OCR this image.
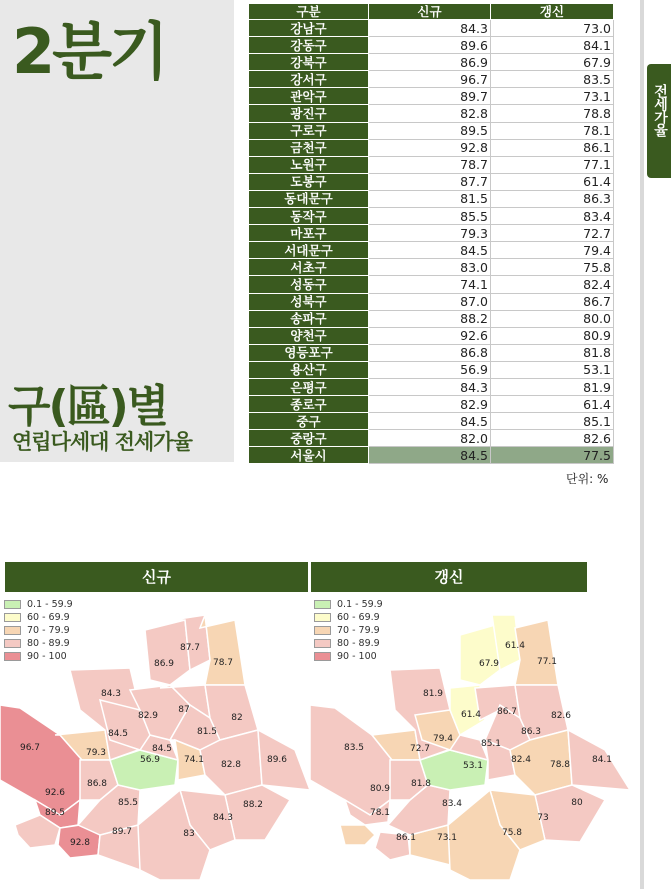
2분기
구(區)별
연립다세대 전세가율
구분	신규	갱신
강남구	84.3	73.0
강동구	89.6	84.1
강북구	86.9	67.9
강서구	96.7	83.5
관악구	89.7	73.1
광진구	82.8	78.8
구로구	89.5	78.1
금천구	92.8	86.1
노원구	78.7	77.1
도봉구	87.7	61.4
동대문구	81.5	86.3
동작구	85.5	83.4
마포구	79.3	72.7
서대문구	84.5	79.4
서초구	83.0	75.8
성동구	74.1	82.4
성북구	87.0	86.7
송파구	88.2	80.0
양천구	92.6	80.9
영등포구	86.8	81.8
용산구	56.9	53.1
은평구	84.3	81.9
종로구	82.9	61.4
중구	84.5	85.1
중랑구	82.0	82.6
서울시	84.5	77.5
단위: %
전세가율
신규	갱신
0.1 - 59.9
60 - 69.9
70 - 79.9
80 - 89.9
90 - 100
0.1 - 59.9
60 - 69.9
70 - 79.9
80 - 89.9
90 - 100
96.7
92.6
89.5
92.8
89.7
79.3
86.8
85.5
56.9
84.5
84.3
84.5
82.9
87
86.9
87.7
78.7
81.5
82
74.1 82.8	89.6
88.2
84.3
83
83.5
80.9
78.1
86.1 73.1
72.7
81.8
83.4
53.1
85.1
81.9
79.4
61.4 86.7
67.9
61.4
77.1
86.3
82.6
82.4 78.8 84.1
80
73
75.8
